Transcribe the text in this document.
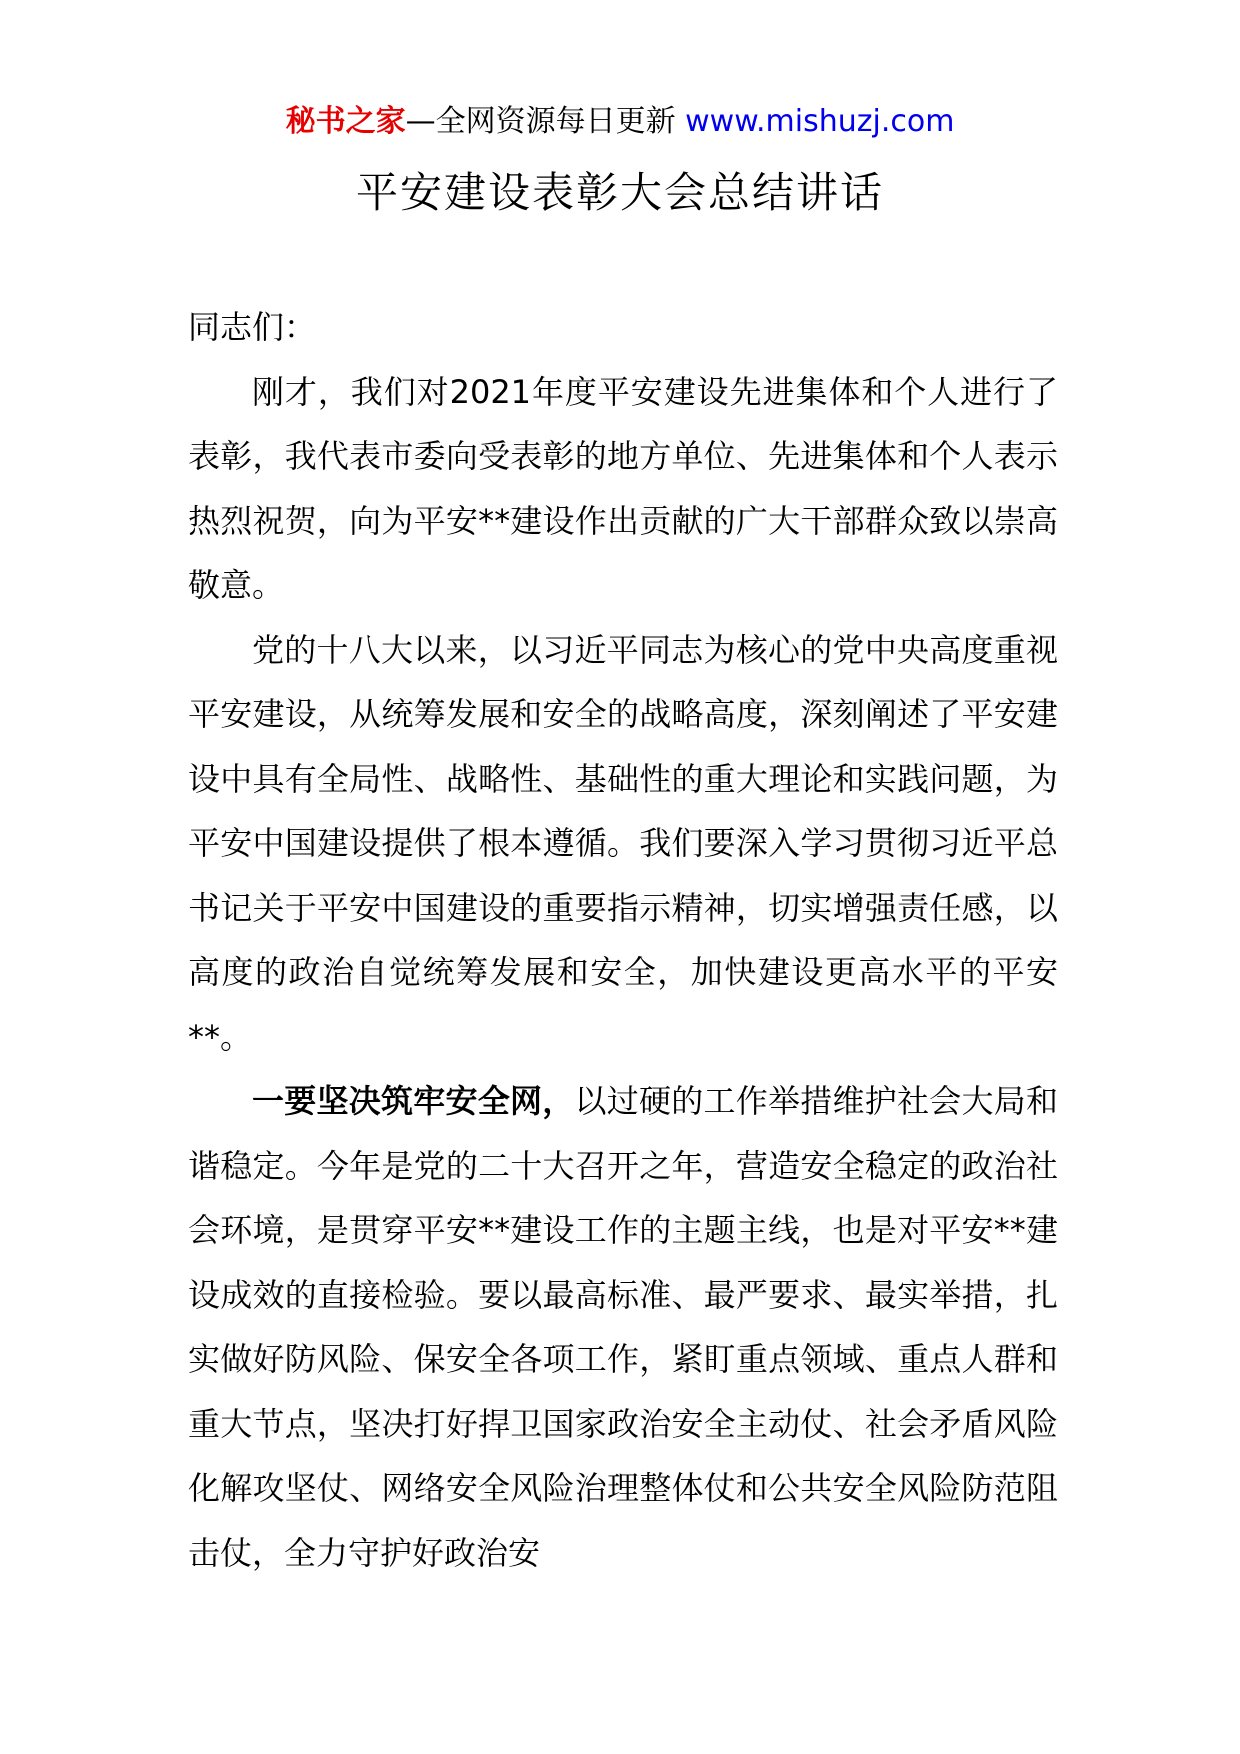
秘书之家—全网资源每日更新 www.mishuzj.com
平安建设表彰大会总结讲话

同志们：

刚才，我们对2021年度平安建设先进集体和个人进行了表彰，我代表市委向受表彰的地方单位、先进集体和个人表示热烈祝贺，向为平安**建设作出贡献的广大干部群众致以崇高敬意。

党的十八大以来，以习近平同志为核心的党中央高度重视平安建设，从统筹发展和安全的战略高度，深刻阐述了平安建设中具有全局性、战略性、基础性的重大理论和实践问题，为平安中国建设提供了根本遵循。我们要深入学习贯彻习近平总书记关于平安中国建设的重要指示精神，切实增强责任感，以高度的政治自觉统筹发展和安全，加快建设更高水平的平安**。

一要坚决筑牢安全网，以过硬的工作举措维护社会大局和谐稳定。今年是党的二十大召开之年，营造安全稳定的政治社会环境，是贯穿平安**建设工作的主题主线，也是对平安**建设成效的直接检验。要以最高标准、最严要求、最实举措，扎实做好防风险、保安全各项工作，紧盯重点领域、重点人群和重大节点，坚决打好捍卫国家政治安全主动仗、社会矛盾风险化解攻坚仗、网络安全风险治理整体仗和公共安全风险防范阻击仗，全力守护好政治安
